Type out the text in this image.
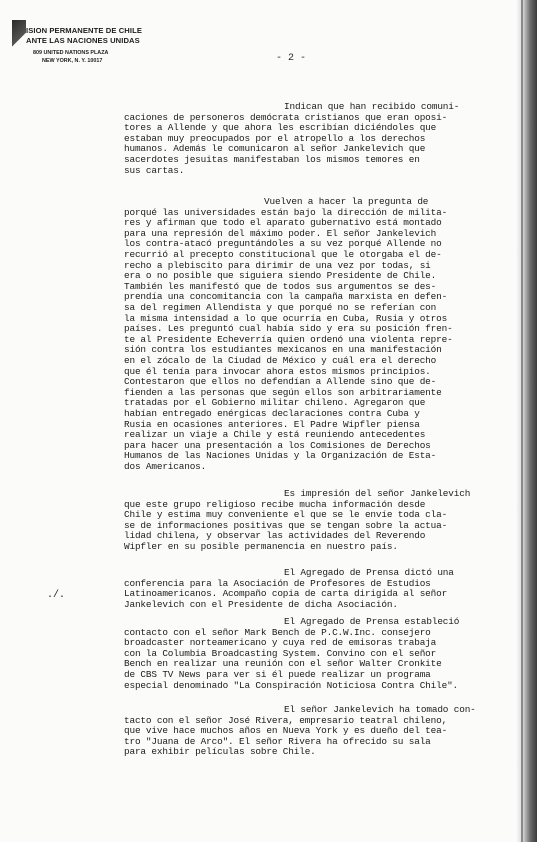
ISION PERMANENTE DE CHILE
ANTE LAS NACIONES UNIDAS
809 UNITED NATIONS PLAZA
NEW YORK, N. Y. 10017	- 2 -
./.
Indican que han recibido comuni-
caciones de personeros demócrata cristianos que eran oposi-
tores a Allende y que ahora les escribían diciéndoles que
estaban muy preocupados por el atropello a los derechos
humanos. Además le comunicaron al señor Jankelevich que
sacerdotes jesuitas manifestaban los mismos temores en
sus cartas.
Vuelven a hacer la pregunta de
porqué las universidades están bajo la dirección de milita-
res y afirman que todo el aparato gubernativo está montado
para una represión del máximo poder. El señor Jankelevich
los contra-atacó preguntándoles a su vez porqué Allende no
recurrió al precepto constitucional que le otorgaba el de-
recho a plebiscito para dirimir de una vez por todas, si
era o no posible que siguiera siendo Presidente de Chile.
También les manifestó que de todos sus argumentos se des-
prendía una concomitancia con la campaña marxista en defen-
sa del regimen Allendista y que porqué no se referían con
la misma intensidad a lo que ocurría en Cuba, Rusia y otros
países. Les preguntó cual había sido y era su posición fren-
te al Presidente Echeverría quien ordenó una violenta repre-
sión contra los estudiantes mexicanos en una manifestación
en el zócalo de la Ciudad de México y cuál era el derecho
que él tenía para invocar ahora estos mismos principios.
Contestaron que ellos no defendían a Allende sino que de-
fienden a las personas que según ellos son arbitrariamente
tratadas por el Gobierno militar chileno. Agregaron que
habían entregado enérgicas declaraciones contra Cuba y
Rusia en ocasiones anteriores. El Padre Wipfler piensa
realizar un viaje a Chile y está reuniendo antecedentes
para hacer una presentación a los Comisiones de Derechos
Humanos de las Naciones Unidas y la Organización de Esta-
dos Americanos.
Es impresión del señor Jankelevich
que este grupo religioso recibe mucha información desde
Chile y estima muy conveniente el que se le envíe toda cla-
se de informaciones positivas que se tengan sobre la actua-
lidad chilena, y observar las actividades del Reverendo
Wipfler en su posible permanencia en nuestro país.
El Agregado de Prensa dictó una
conferencia para la Asociación de Profesores de Estudios
Latinoamericanos. Acompaño copia de carta dirigida al señor
Jankelevich con el Presidente de dicha Asociación.
El Agregado de Prensa estableció
contacto con el señor Mark Bench de P.C.W.Inc. consejero
broadcaster norteamericano y cuya red de emisoras trabaja
con la Columbia Broadcasting System. Convino con el señor
Bench en realizar una reunión con el señor Walter Cronkite
de CBS TV News para ver si él puede realizar un programa
especial denominado "La Conspiración Noticiosa Contra Chile".
El señor Jankelevich ha tomado con-
tacto con el señor José Rivera, empresario teatral chileno,
que vive hace muchos años en Nueva York y es dueño del tea-
tro "Juana de Arco". El señor Rivera ha ofrecido su sala
para exhibir películas sobre Chile.
